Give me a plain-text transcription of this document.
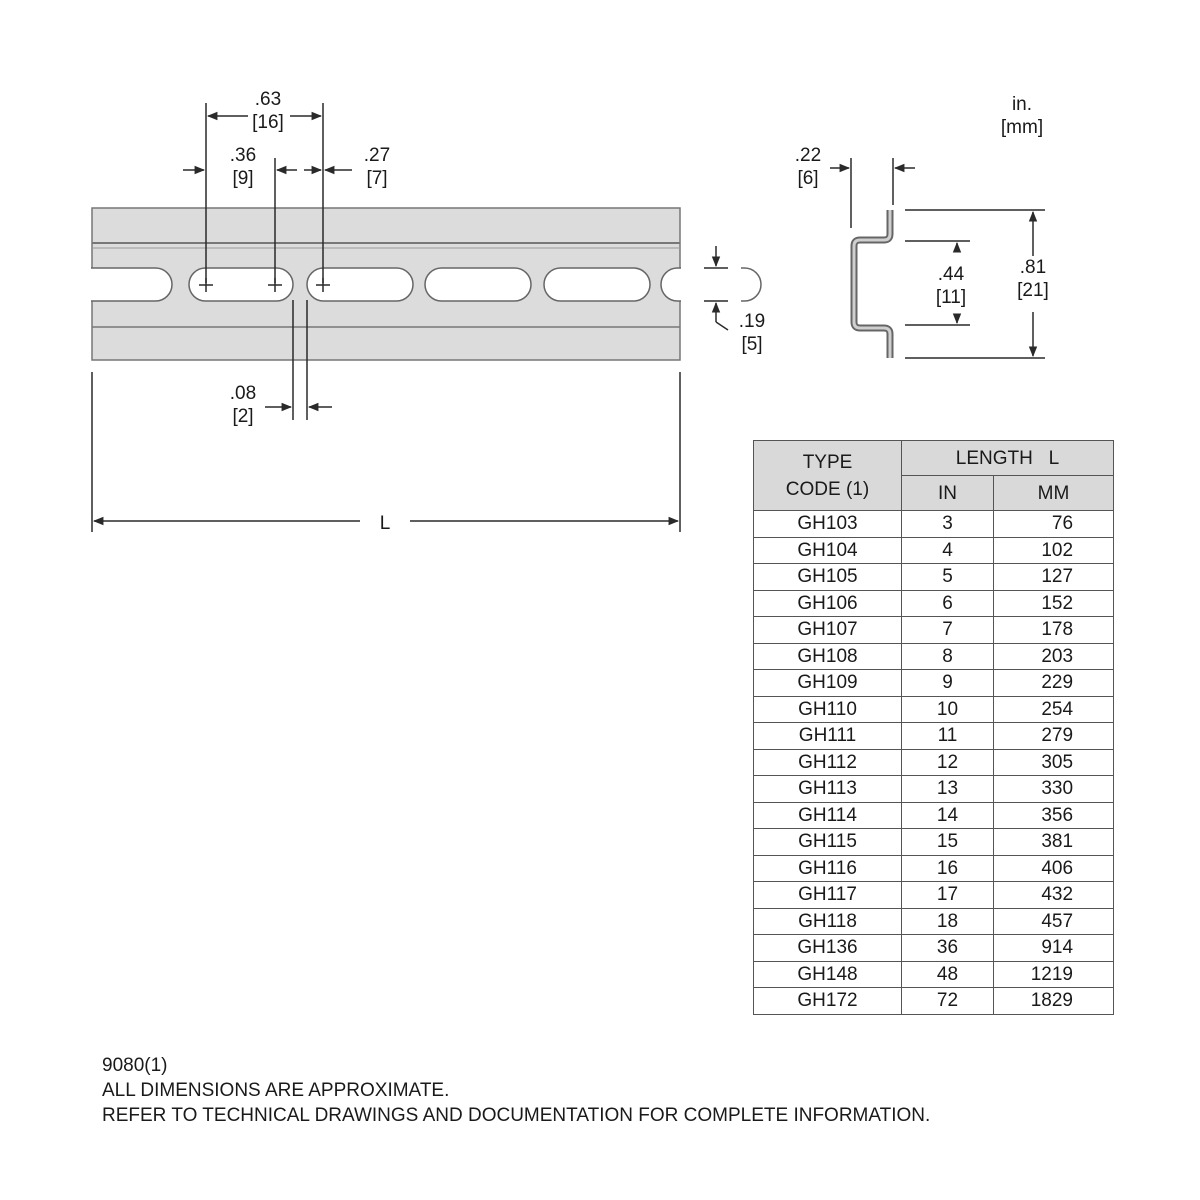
.63
[16]
.36
[9]
.27
[7]
.08
[2]
.19
[5]
L
in.
[mm]
.22
[6]
.44
[11]
.81
[21]
TYPE
CODE (1)	LENGTH   L	
	IN	MM
GH103	3	76
GH104	4	102
GH105	5	127
GH106	6	152
GH107	7	178
GH108	8	203
GH109	9	229
GH110	10	254
GH111	11	279
GH112	12	305
GH113	13	330
GH114	14	356
GH115	15	381
GH116	16	406
GH117	17	432
GH118	18	457
GH136	36	914
GH148	48	1219
GH172	72	1829
9080(1)
ALL DIMENSIONS ARE APPROXIMATE.
REFER TO TECHNICAL DRAWINGS AND DOCUMENTATION FOR COMPLETE INFORMATION.
